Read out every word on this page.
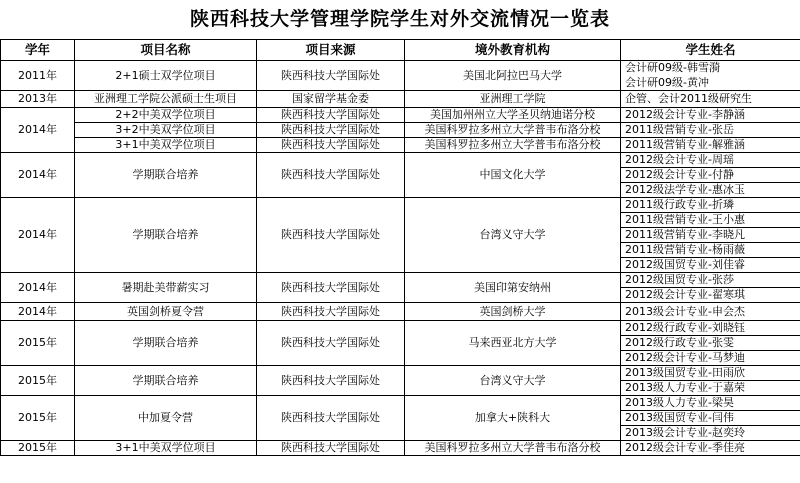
陕西科技大学管理学院学生对外交流情况一览表
学年	项目名称	项目来源	境外教育机构	学生姓名
2011年	2+1硕士双学位项目	陕西科技大学国际处	美国北阿拉巴马大学	会计研09级-韩雪漪
				会计研09级-黄冲
2013年	亚洲理工学院公派硕士生项目	国家留学基金委	亚洲理工学院	企管、会计2011级研究生
2014年	2+2中美双学位项目	陕西科技大学国际处	美国加州州立大学圣贝纳迪诺分校	2012级会计专业-李静涵
	3+2中美双学位项目	陕西科技大学国际处	美国科罗拉多州立大学普韦布洛分校	2011级营销专业-张岳
	3+1中美双学位项目	陕西科技大学国际处	美国科罗拉多州立大学普韦布洛分校	2011级营销专业-解雅涵
2014年	学期联合培养	陕西科技大学国际处	中国文化大学	2012级会计专业-周瑶
				2012级会计专业-付静
				2012级法学专业-惠冰玉
2014年	学期联合培养	陕西科技大学国际处	台湾义守大学	2011级行政专业-折璘
				2011级营销专业-王小惠
				2011级营销专业-李晓凡
				2011级营销专业-杨雨薇
				2012级国贸专业-刘佳睿
2014年	暑期赴美带薪实习	陕西科技大学国际处	美国印第安纳州	2012级国贸专业-张莎
				2012级会计专业-翟寒琪
2014年	英国剑桥夏令营	陕西科技大学国际处	英国剑桥大学	2013级会计专业-申会杰
2015年	学期联合培养	陕西科技大学国际处	马来西亚北方大学	2012级行政专业-刘晓钰
				2012级行政专业-张雯
				2012级会计专业-马梦迪
2015年	学期联合培养	陕西科技大学国际处	台湾义守大学	2013级国贸专业-田雨欣
				2013级人力专业-于嘉荣
2015年	中加夏令营	陕西科技大学国际处	加拿大+陕科大	2013级人力专业-梁昊
				2013级国贸专业-闫伟
				2013级会计专业-赵奕玲
2015年	3+1中美双学位项目	陕西科技大学国际处	美国科罗拉多州立大学普韦布洛分校	2012级会计专业-季佳亮
